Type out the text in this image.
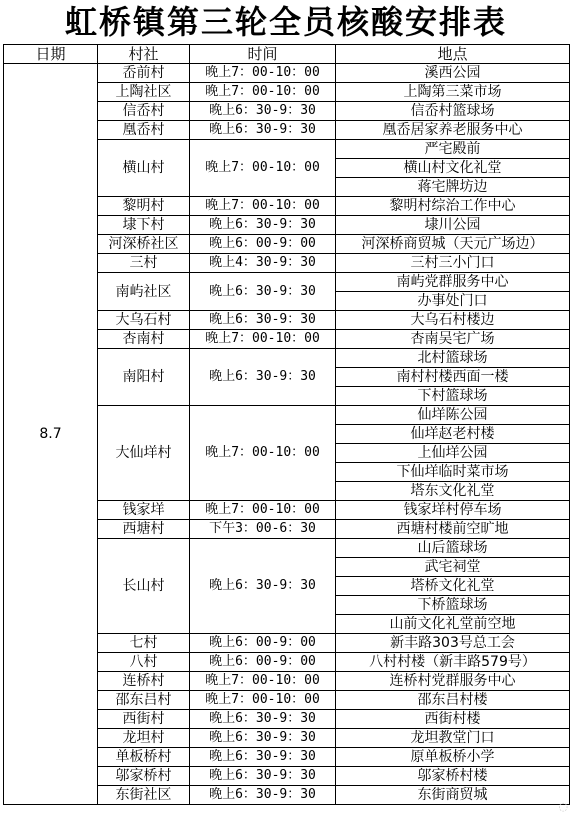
虹桥镇第三轮全员核酸安排表
日期	村社	时间	地点
8.7	岙前村	晚上7：00-10：00	溪西公园
	上陶社区	晚上7：00-10：00	上陶第三菜市场
	信岙村	晚上6：30-9：30	信岙村篮球场
	凰岙村	晚上6：30-9：30	凰岙居家养老服务中心
	横山村	晚上7：00-10：00	严宅殿前
			横山村文化礼堂
			蒋宅牌坊边
	黎明村	晚上7：00-10：00	黎明村综治工作中心
	埭下村	晚上6：30-9：30	埭川公园
	河深桥社区	晚上6：00-9：00	河深桥商贸城（天元广场边）
	三村	晚上4：30-9：30	三村三小门口
	南屿社区	晚上6：30-9：30	南屿党群服务中心
			办事处门口
	大乌石村	晚上6：30-9：30	大乌石村楼边
	杏南村	晚上7：00-10：00	杏南吴宅广场
	南阳村	晚上6：30-9：30	北村篮球场
			南村村楼西面一楼
			下村篮球场
	大仙垟村	晚上7：00-10：00	仙垟陈公园
			仙垟赵老村楼
			上仙垟公园
			下仙垟临时菜市场
			塔东文化礼堂
	钱家垟	晚上7：00-10：00	钱家垟村停车场
	西塘村	下午3：00-6：30	西塘村楼前空旷地
	长山村	晚上6：30-9：30	山后篮球场
			武宅祠堂
			塔桥文化礼堂
			下桥篮球场
			山前文化礼堂前空地
	七村	晚上6：00-9：00	新丰路303号总工会
	八村	晚上6：00-9：00	八村村楼（新丰路579号）
	连桥村	晚上7：00-10：00	连桥村党群服务中心
	邵东吕村	晚上7：00-10：00	邵东吕村楼
	西街村	晚上6：30-9：30	西街村楼
	龙坦村	晚上6：30-9：30	龙坦教堂门口
	单板桥村	晚上6：30-9：30	原单板桥小学
	邬家桥村	晚上6：30-9：30	邬家桥村楼
	东街社区	晚上6：30-9：30	东街商贸城
◌
